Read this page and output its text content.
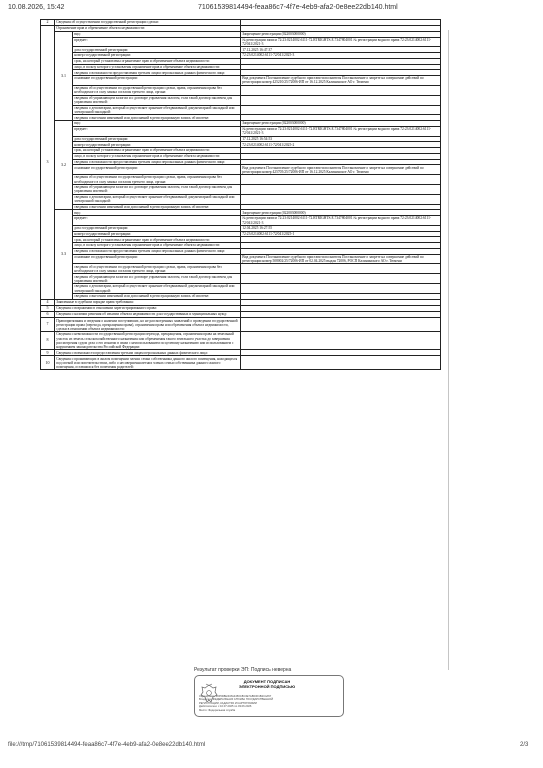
10.08.2026, 15:42	71061539814494-feaa86c7-4f7e-4eb9-afa2-0e8ee22db140.html
2	Сведения об осуществлении государственной регистрации сделки:		
3	Ограничение прав и обременение объекта недвижимости:		
	3.1	вид:	Запрещение регистрации (022003000000)
		предмет:	№ регистрации записи 72:23:0214002:6111-72.RTRIGHTS.Е.7347804001 № регистрации водного права 72:23:0214002:6111-72/041/2021-3
		дата государственной регистрации:	17.12.2025 16:47:37
		номер государственной регистрации:	72:23:0214002:6111-72/041/2025-3
		срок, на который установлены ограничение прав и обременение объекта недвижимости:	
		лицо, в пользу которого установлены ограничение прав и обременение объекта недвижимости:	
		сведения о возможности предоставления третьим лицам персональных данных физического лица:	
		основание государственной регистрации:	Вид документа Постановление судебного пристава-исполнителя Постановление о запрете на совершение действий по регистрации номер 425210/25/72006-ИП от 16.12.2025 Калининское АО г. Тюмени
		сведения об осуществлении государственной регистрации сделки, права, ограничения права без необходимого в силу закона согласия третьего лица, органа:	
		сведения об управляющем залогом и о договоре управления залогом, если такой договор заключен для управления ипотекой:	
		сведения о депозитарии, который осуществляет хранение обездвиженной документарной закладной или электронной закладной:	
		сведения о внесении изменений или дополнений в регистрационную запись об ипотеке:	
	3.2	вид:	Запрещение регистрации (022003000000)
		предмет:	№ регистрации записи 72:23:0214002:6111-72.RTRIGHTS.Е.7347804001 № регистрации водного права 72:23:0214002:6111-72/041/2021-3
		дата государственной регистрации:	17.12.2025 16:54:53
		номер государственной регистрации:	72:23:0214002:6111-72/041/2025-2
		срок, на который установлены ограничение прав и обременение объекта недвижимости:	
		лицо, в пользу которого установлены ограничение прав и обременение объекта недвижимости:	
		сведения о возможности предоставления третьим лицам персональных данных физического лица:	
		основание государственной регистрации:	Вид документа Постановление судебного пристава-исполнителя Постановление о запрете на совершение действий по регистрации номер 425705/25/72006-ИП от 16.12.2025 Калининское АО г. Тюмени
		сведения об осуществлении государственной регистрации сделки, права, ограничения права без необходимого в силу закона согласия третьего лица, органа:	
		сведения об управляющем залогом и о договоре управления залогом, если такой договор заключен для управления ипотекой:	
		сведения о депозитарии, который осуществляет хранение обездвиженной документарной закладной или электронной закладной:	
		сведения о внесении изменений или дополнений в регистрационную запись об ипотеке:	
	3.3	вид:	Запрещение регистрации (022003000000)
		предмет:	№ регистрации записи 72:23:0214002:6111-72.RTRIGHTS.Е.7347804001 № регистрации водного права 72:23:0214002:6111-72/041/2021-3
		дата государственной регистрации:	12.04.2025 16:27:55
		номер государственной регистрации:	72:23:0214002:6111-72/041/2025-1
		срок, на который установлены ограничение прав и обременение объекта недвижимости:	
		лицо, в пользу которого установлены ограничение прав и обременение объекта недвижимости:	
		сведения о возможности предоставления третьим лицам персональных данных физического лица:	
		основание государственной регистрации:	Вид документа Постановление судебного пристава-исполнителя Постановление о запрете на совершение действий по регистрации номер 508002/25/72006-ИП от 02.04.2025 выдан 72006, РОСП Калининского АО г. Тюмени
		сведения об осуществлении государственной регистрации сделки, права, ограничения права без необходимого в силу закона согласия третьего лица, органа:	
		сведения об управляющем залогом и о договоре управления залогом, если такой договор заключен для управления ипотекой:	
		сведения о депозитарии, который осуществляет хранение обездвиженной документарной закладной или электронной закладной:	
		сведения о внесении изменений или дополнений в регистрационную запись об ипотеке:	
4	Заявленные в судебном порядке права требования:		
5	Сведения о возражении в отношении зарегистрированного права:		
6	Сведения о наличии решения об изъятии объекта недвижимости для государственных и муниципальных нужд:		
7	Правопритязания и сведения о наличии поступивших, но не рассмотренных заявлений о проведении государственной регистрации права (перехода, прекращения права), ограничения права или обременения объекта недвижимости, сделки в отношении объекта недвижимости:		
8	Сведения о невозможности государственной регистрации перехода, прекращения, ограничения права на земельный участок из земель сельскохозяйственного назначения или обременения такого земельного участка до завершения рассмотрения судом дела о его изъятии в связи с неиспользованием по целевому назначению или использованием с нарушением законодательства Российской Федерации:		
9	Сведения о возможности предоставления третьим лицам персональных данных физического лица:		
10	Сведения о проживающих в жилом помещении членах семьи собственника данного жилого помещения, находящихся под опекой или попечительством, либо о несовершеннолетних членах семьи собственника данного жилого помещения, оставшихся без попечения родителей:		
Результат проверки ЭП: Подпись неверна
ДОКУМЕНТ ПОДПИСАН ЭЛЕКТРОННОЙ ПОДПИСЬЮ
Сертификат: 00F5D8E3C8A4450C8C3E7A8D3F1B2C4A57
Владелец: ФЕДЕРАЛЬНАЯ СЛУЖБА ГОСУДАРСТВЕННОЙ
РЕГИСТРАЦИИ, КАДАСТРА И КАРТОГРАФИИ
Действителен: с 10.07.2025 по 03.06.2026
Место: Федеральная служба
file:///tmp/71061539814494-feaa86c7-4f7e-4eb9-afa2-0e8ee22db140.html	2/3
